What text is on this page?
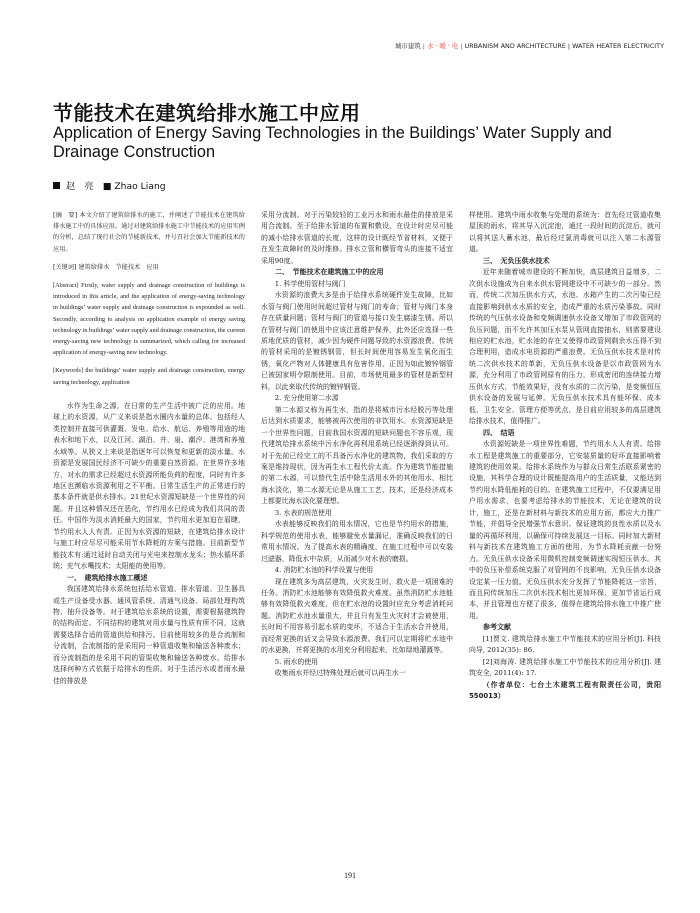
城市建筑 | 水 · 暖 · 电 | URBANISM AND ARCHITECTURE | WATER HEATER ELECTRICITY
节能技术在建筑给排水施工中应用
Application of Energy Saving Technologies in the Buildings’ Water Supply and Drainage Construction
赵　亮　■ Zhao Liang

[摘　要] 本文介绍了建筑给排水的施工，并阐述了节能技术在建筑给排水施工中的具体应用。通过对建筑给排水施工中节能技术的应用实例的分析，总结了现行社会的节能新技术，并号召社会加大节能新技术的应用。

[关键词] 建筑给排水　节能技术　应用

[Abstract] Firstly, water supply and drainage construction of buildings is introduced in this article, and the application of energy-saving technology in buildings’ water supply and drainage construction is expounded as well. Secondly, according to analysis on application example of energy saving technology in buildings’ water supply and drainage construction, the current energy-saving new technology is summarized, which calling for increased application of energy-saving new technology.

[Keywords] the buildings’ water supply and drainage construction, energy saving technology, application

水作为生命之源，在日常的生产生活中被广泛的应用。地球上的水资源，从广义来说是指水圈内水量的总体。包括经人类控制并直接可供灌溉、发电、给水、航运、养殖等用途的地表水和地下水，以及江河、湖泊、井、泉、潮汐、港湾和养殖水域等。从狭义上来说是指逐年可以恢复和更新的淡水量。水资源是发展国民经济不可缺少的重要自然资源。在世界许多地方，对水的需求已经超过水资源所能负荷的程度，同时有许多地区也濒临水资源利用之不平衡。日常生活生产的正常进行的基本条件就是供水排水。21世纪水资源短缺是一个世界性的问题。并且这种情况还在恶化，节约用水已经成为我们共同的责任。中国作为淡水消耗最大的国家，节约用水更加迫在眉睫，节约用水人人有责。正因为水资源的短缺，在建筑给排水设计与施工时应尽尽可能采用节水降耗的方案与措施。目前新型节能技术有:通过延时自动关闭与光电来控制水龙头；热水循环系统；充气水嘴技术；太阳能的使用等。

一、　建筑给排水施工概述

我国建筑给排水系统包括给水管道、排水管道、卫生器具或生产设备受水器、通风管系统、清通气设备、局部处理构筑物、抽升设备等。对于建筑给水系统的设置，需要根据建筑物的结构而定。不同结构的建筑对用水量与性质有所不同，这就需要选择合适的管道供给和排污。目前使用较多的是合流制和分流制，合流制指的是采用同一种管道收集和输送各种废水；而分流制指的是采用不同的管渠收集和输送各种废水。给排水选择何种方式依据于给排水的性质。对于生活污水或者雨水最佳的排放是

采用分流制。对于污染较轻的工业污水和雨水最佳的排放是采用合流制。至于给排水管道的布置和敷设，在设计时应尽可能的减小给排水管道的长度，这样的设计既经节省材料，又便于在发生故障时的及时维修。排水立管和横管弯头的连接不适宜采用90度。

二、　节能技术在建筑施工中的应用

1. 科学使用管材与阀门

水资源的浪费大多是由于给排水系统硬件发生故障，比如水管与阀门使用时间超过管材与阀门的寿命；管材与阀门本身存在质量问题；管材与阀门的管道与接口发生腐漆生锈。所以在管材与阀门的使用中应该注意维护保养，此外还应选择一些质地优质的管材，减少因为硬件问题导致的水资源浪费。传统的管材采用的是镀锈钢管，但长时间使用容易发生氧化而生锈，氧化产物对人体健康具有危害作用，正因为如此镀锌钢管已被国家明令限制使用。目前，市场使用最多的管材是新型材料，以此来取代传统的镀锌钢管。

2. 充分使用第二水源

第二水源又称为再生水，指的是将城市污水经脱污等处理后达到水质要求，能够被再次使用的非饮用水。水资源短缺是一个世界性问题，目前我国水资源的短缺问题也不容乐观，现代建筑给排水系统中污水净化再利用系统已经逐渐得到认可。对于先前已经完工的不具备污水净化的建筑物，我们采取的方案是维持现状，因为再生水工程代价太高。作为建筑节能措施的第二水源，可以替代生活中除生活用水外的其他用水，相比海水淡化，第二水源无论是从施工工艺，技术，还是经济成本上都要比海水淡化要理想。

3. 水表的规范使用

水表能够反映我们的用水情况，它也是节约用水的措施，科学规范的使用水表，能够避免水量漏记，准确反映我们的日常用水情况。为了提高水表的精确度，在施工过程中可以安装过滤器、降低水中杂质，从而减少对水表的磨损。

4. 消防贮水池的科学设置与使用

现在建筑多为高层建筑，火灾发生时，救火是一项困难的任务。消防贮水池能够有效降低救火难度。虽然消防贮水池能够有效降低救火难度，但在贮水池的设置时应充分考虑消耗问题。消防贮水池水量很大，并且只有发生火灾时才会被使用，长时间不用容易引起水质的变坏，不适合于生活水合并使用，而经常更换的话又会导致水源浪费。我们可以定期将贮水池中的水更换，并将更换的水用充分利用起来，比如绿地灌溉等。

5. 雨水的使用

收集雨水并经过特殊处理后就可以再生水一

样使用。建筑中雨水收集与处理的系统为：首先经过管道收集屋顶的雨水，将其导入沉淀池，通过一段时间的沉淀后，就可以将其送入蓄水池，最后经过氯消毒就可以注入第二水源管道。

三、　无负压供水技术

近年来随着城市建设的不断加快，高层建筑日益增多，二次供水设施成为自来水供水管网建设中不可缺少的一部分。然而，传统二次加压供水方式，水池、水箱产生的二次污染已经直接影响到供水水质的安全，造成严重的水质污染事故。同时传统的气压供水设备和变频调速供水设备又增加了市政管网的负压问题，而不允许其加压水泵从管网直接抽水，则需要建设相应的贮水池，贮水池的存在又使得市政管网剩余水压得不到合理利用，造成水电资源的严重浪费。无负压供水技术是对传统二次供水技术的革新，无负压供水设备是以市政管网为水源，充分利用了市政管网原有的压力，形成密闭的连续接力增压供水方式，节能效果好，没有水质的二次污染，是变频恒压供水设备的发展与延伸。无负压供水技术具有能环保、成本低、卫生安全、管理方便等优点，是目前应用较多的高层建筑给排水技术，值得推广。

四、　结语

水资源短缺是一项世界性难题，节约用水人人有责。给排水工程是建筑施工的重要部分，它安装质量的好坏直接影响着建筑的使用效果。给排水系统作为与群众日常生活联系紧密的设施，其科学合理的设计既能提高用户的生活质量，又能达到节约用水降低能耗的目的。在建筑施工过程中，不仅要满足用户用水需求，也要考虑给排水的节能技术，无论在建筑的设计，施工，还是在新材料与新技术的应用方面，都应大力推广节能，并倡导全民增强节水意识。保证建筑的良性水质以及水量的再循环利用，以确保可持续发展这一目标。同时加大新材料与新技术在建筑施工方面的使用，为节水降耗贡献一份努力。无负压供水设备采用微机控制变频调速实现恒压供水。其中的负压补偿系统克服了对管网的不良影响，无负压供水设备设定某一压力值。无负压供水充分发挥了节能降耗这一宗旨，而且同传统加压二次供水技术相比更加环保、更加节省运行成本，并且管理也方便了很多，值得在建筑给排水施工中推广使用。

参考文献

[1]贾文. 建筑给排水施工中节能技术的应用分析[J]. 科技向导, 2012(35): 86.

[2]刘海涛. 建筑给排水施工中节能技术的应用分析[J]. 建筑安全, 2011(4): 17.

（作者单位：七台土木建筑工程有限责任公司，贵阳 550013）

191
